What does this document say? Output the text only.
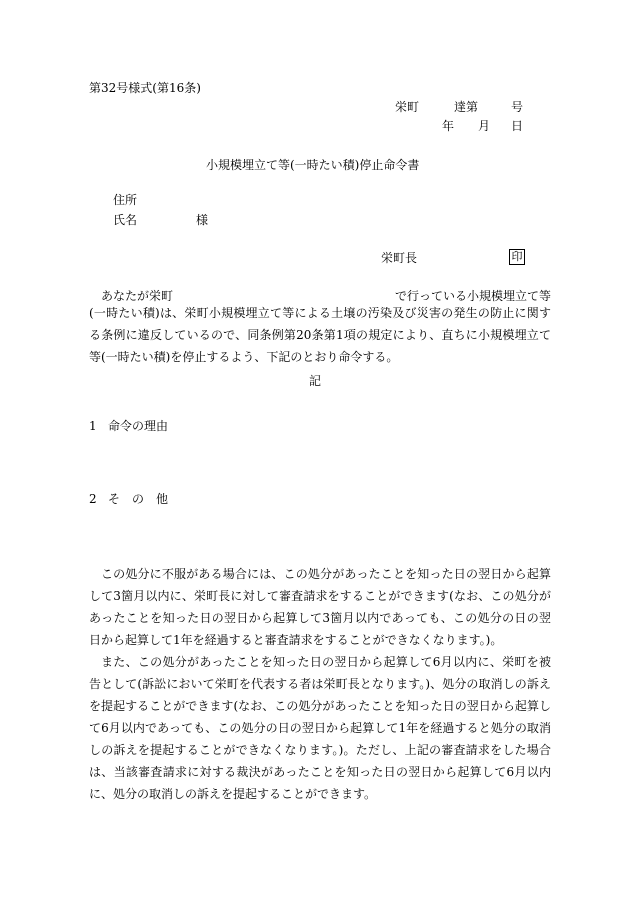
第32号様式(第16条)
栄町	達第	号
年 月 日
小規模埋立て等(一時たい積)停止命令書
住所
氏名	様
栄町長	印
あなたが栄町	で行っている小規模埋立て等
(一時たい積)は、栄町小規模埋立て等による土壌の汚染及び災害の発生の防止に関する条例に違反しているので、同条例第20条第1項の規定により、直ちに小規模埋立て等(一時たい積)を停止するよう、下記のとおり命令する。
記
1 命令の理由
2 そ　の　他

この処分に不服がある場合には、この処分があったことを知った日の翌日から起算して3箇月以内に、栄町長に対して審査請求をすることができます(なお、この処分があったことを知った日の翌日から起算して3箇月以内であっても、この処分の日の翌日から起算して1年を経過すると審査請求をすることができなくなります。)。

また、この処分があったことを知った日の翌日から起算して6月以内に、栄町を被告として(訴訟において栄町を代表する者は栄町長となります。)、処分の取消しの訴えを提起することができます(なお、この処分があったことを知った日の翌日から起算して6月以内であっても、この処分の日の翌日から起算して1年を経過すると処分の取消しの訴えを提起することができなくなります。)。ただし、上記の審査請求をした場合は、当該審査請求に対する裁決があったことを知った日の翌日から起算して6月以内に、処分の取消しの訴えを提起することができます。
